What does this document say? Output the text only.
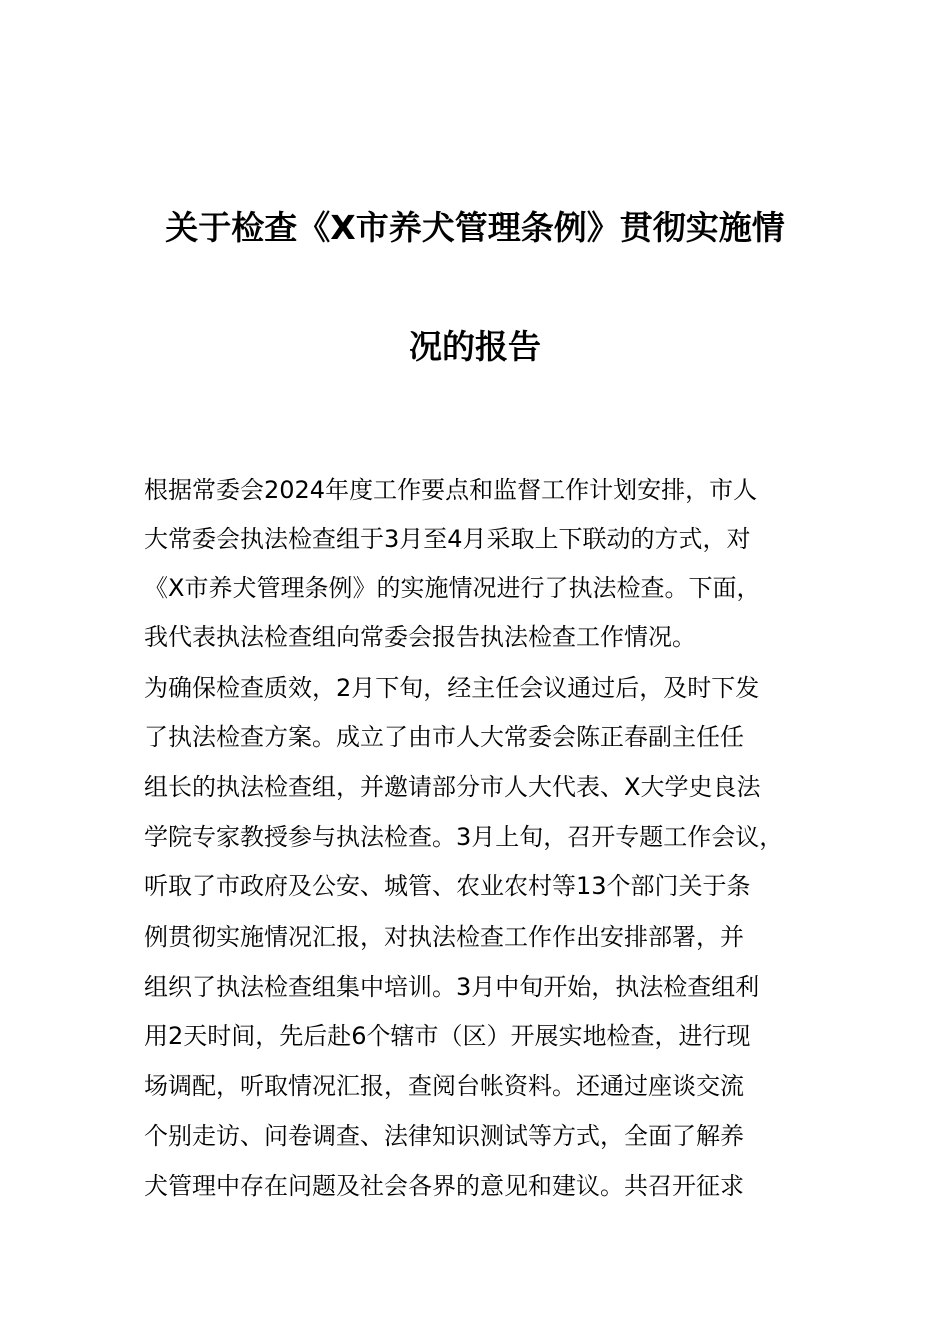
关于检查《X市养犬管理条例》贯彻实施情
况的报告
根据常委会2024年度工作要点和监督工作计划安排，市人
大常委会执法检查组于3月至4月采取上下联动的方式，对
《X市养犬管理条例》的实施情况进行了执法检查。下面，
我代表执法检查组向常委会报告执法检查工作情况。
为确保检查质效，2月下旬，经主任会议通过后，及时下发
了执法检查方案。成立了由市人大常委会陈正春副主任任
组长的执法检查组，并邀请部分市人大代表、X大学史良法
学院专家教授参与执法检查。3月上旬，召开专题工作会议，
听取了市政府及公安、城管、农业农村等13个部门关于条
例贯彻实施情况汇报，对执法检查工作作出安排部署，并
组织了执法检查组集中培训。3月中旬开始，执法检查组利
用2天时间，先后赴6个辖市（区）开展实地检查，进行现
场调配，听取情况汇报，查阅台帐资料。还通过座谈交流
个别走访、问卷调查、法律知识测试等方式，全面了解养
犬管理中存在问题及社会各界的意见和建议。共召开征求
